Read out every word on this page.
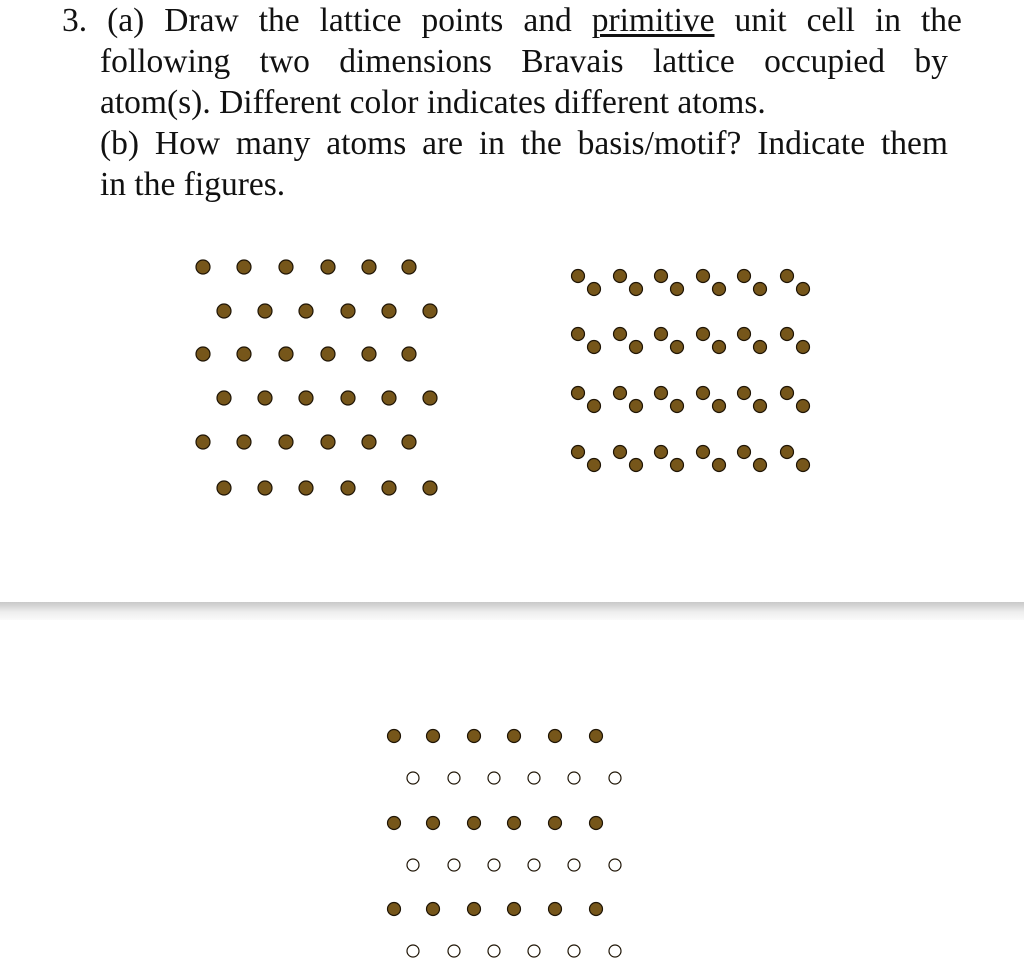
3. (a) Draw the lattice points and primitive unit cell in the
following two dimensions Bravais lattice occupied by
atom(s). Different color indicates different atoms.
(b) How many atoms are in the basis/motif? Indicate them
in the figures.
